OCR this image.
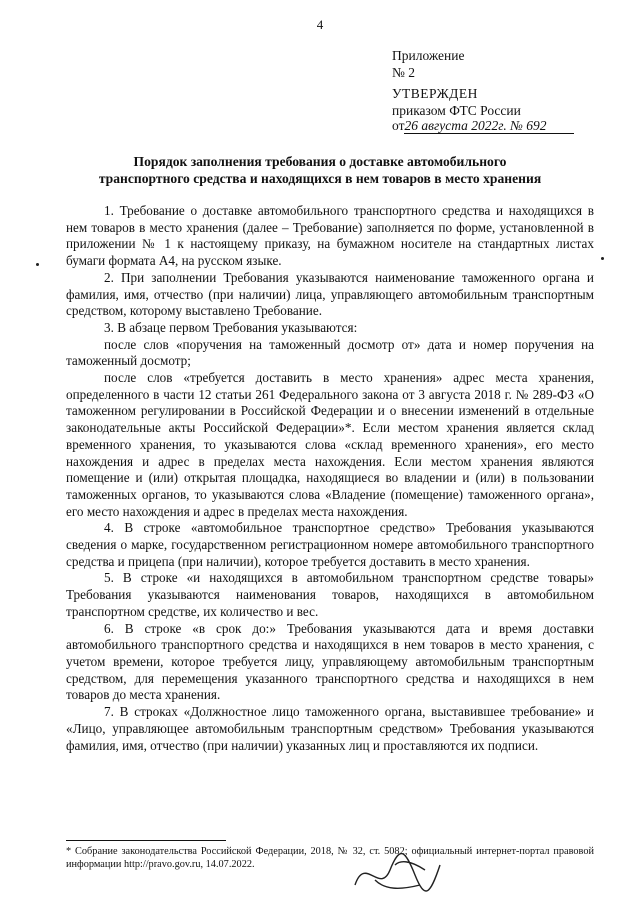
4
Приложение № 2
УТВЕРЖДЕН
приказом ФТС России
от26 августа 2022г. № 692
Порядок заполнения требования о доставке автомобильного транспортного средства и находящихся в нем товаров в место хранения

1. Требование о доставке автомобильного транспортного средства и находящихся в нем товаров в место хранения (далее – Требование) заполняется по форме, установленной в приложении № 1 к настоящему приказу, на бумажном носителе на стандартных листах бумаги формата А4, на русском языке.

2. При заполнении Требования указываются наименование таможенного органа и фамилия, имя, отчество (при наличии) лица, управляющего автомобильным транспортным средством, которому выставлено Требование.

3. В абзаце первом Требования указываются:

после слов «поручения на таможенный досмотр от» дата и номер поручения на таможенный досмотр;

после слов «требуется доставить в место хранения» адрес места хранения, определенного в части 12 статьи 261 Федерального закона от 3 августа 2018 г. № 289-ФЗ «О таможенном регулировании в Российской Федерации и о внесении изменений в отдельные законодательные акты Российской Федерации»*. Если местом хранения является склад временного хранения, то указываются слова «склад временного хранения», его место нахождения и адрес в пределах места нахождения. Если местом хранения являются помещение и (или) открытая площадка, находящиеся во владении и (или) в пользовании таможенных органов, то указываются слова «Владение (помещение) таможенного органа», его место нахождения и адрес в пределах места нахождения.

4. В строке «автомобильное транспортное средство» Требования указываются сведения о марке, государственном регистрационном номере автомобильного транспортного средства и прицепа (при наличии), которое требуется доставить в место хранения.

5. В строке «и находящихся в автомобильном транспортном средстве товары» Требования указываются наименования товаров, находящихся в автомобильном транспортном средстве, их количество и вес.

6. В строке «в срок до:» Требования указываются дата и время доставки автомобильного транспортного средства и находящихся в нем товаров в место хранения, с учетом времени, которое требуется лицу, управляющему автомобильным транспортным средством, для перемещения указанного транспортного средства и находящихся в нем товаров до места хранения.

7. В строках «Должностное лицо таможенного органа, выставившее требование» и «Лицо, управляющее автомобильным транспортным средством» Требования указываются фамилия, имя, отчество (при наличии) указанных лиц и проставляются их подписи.

* Собрание законодательства Российской Федерации, 2018, № 32, ст. 5082; официальный интернет-портал правовой информации http://pravo.gov.ru, 14.07.2022.
